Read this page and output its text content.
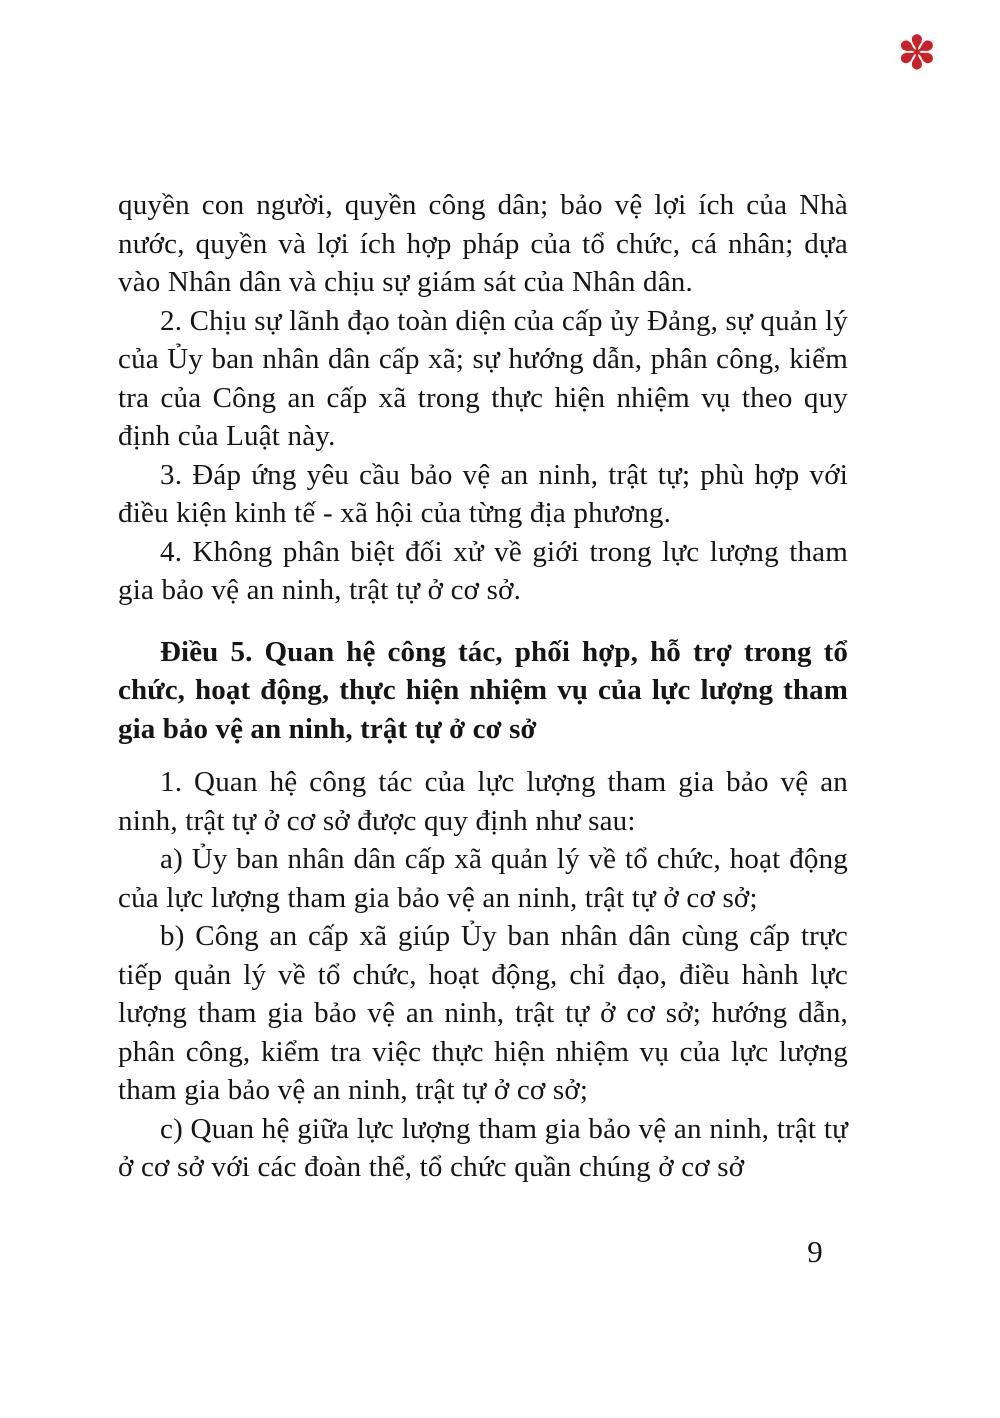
✽

quyền con người, quyền công dân; bảo vệ lợi ích của Nhà nước, quyền và lợi ích hợp pháp của tổ chức, cá nhân; dựa vào Nhân dân và chịu sự giám sát của Nhân dân.

2. Chịu sự lãnh đạo toàn diện của cấp ủy Đảng, sự quản lý của Ủy ban nhân dân cấp xã; sự hướng dẫn, phân công, kiểm tra của Công an cấp xã trong thực hiện nhiệm vụ theo quy định của Luật này.

3. Đáp ứng yêu cầu bảo vệ an ninh, trật tự; phù hợp với điều kiện kinh tế - xã hội của từng địa phương.

4. Không phân biệt đối xử về giới trong lực lượng tham gia bảo vệ an ninh, trật tự ở cơ sở.

Điều 5. Quan hệ công tác, phối hợp, hỗ trợ trong tổ chức, hoạt động, thực hiện nhiệm vụ của lực lượng tham gia bảo vệ an ninh, trật tự ở cơ sở

1. Quan hệ công tác của lực lượng tham gia bảo vệ an ninh, trật tự ở cơ sở được quy định như sau:

a) Ủy ban nhân dân cấp xã quản lý về tổ chức, hoạt động của lực lượng tham gia bảo vệ an ninh, trật tự ở cơ sở;

b) Công an cấp xã giúp Ủy ban nhân dân cùng cấp trực tiếp quản lý về tổ chức, hoạt động, chỉ đạo, điều hành lực lượng tham gia bảo vệ an ninh, trật tự ở cơ sở; hướng dẫn, phân công, kiểm tra việc thực hiện nhiệm vụ của lực lượng tham gia bảo vệ an ninh, trật tự ở cơ sở;

c) Quan hệ giữa lực lượng tham gia bảo vệ an ninh, trật tự ở cơ sở với các đoàn thể, tổ chức quần chúng ở cơ sở

9
